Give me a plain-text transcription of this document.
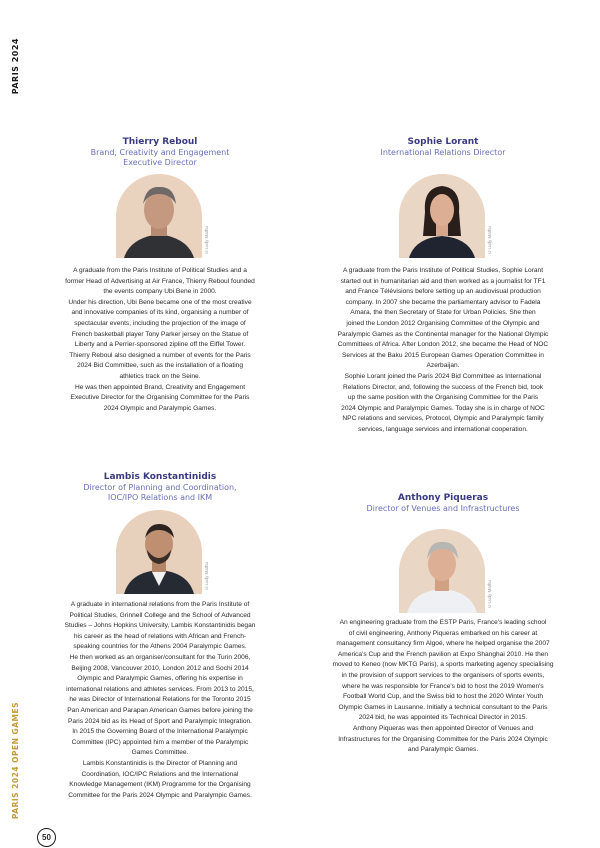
PARIS 2024
PARIS 2024 OPEN GAMES
50

Thierry Reboul

Brand, Creativity and Engagement

Executive Director

©Ludy Mathu

A graduate from the Paris Institute of Political Studies and a
former Head of Advertising at Air France, Thierry Reboul founded
the events company Ubi Bene in 2000.
Under his direction, Ubi Bene became one of the most creative
and innovative companies of its kind, organising a number of
spectacular events, including the projection of the image of
French basketball player Tony Parker jersey on the Statue of
Liberty and a Perrier-sponsored zipline off the Eiffel Tower.
Thierry Reboul also designed a number of events for the Paris
2024 Bid Committee, such as the installation of a floating
athletics track on the Seine.
He was then appointed Brand, Creativity and Engagement
Executive Director for the Organising Committee for the Paris
2024 Olympic and Paralympic Games.

Sophie Lorant

International Relations Director

©Ludy Mathu

A graduate from the Paris Institute of Political Studies, Sophie Lorant
started out in humanitarian aid and then worked as a journalist for TF1
and France Télévisions before setting up an audiovisual production
company. In 2007 she became the parliamentary advisor to Fadela
Amara, the then Secretary of State for Urban Policies. She then
joined the London 2012 Organising Committee of the Olympic and
Paralympic Games as the Continental manager for the National Olympic
Committees of Africa. After London 2012, she became the Head of NOC
Services at the Baku 2015 European Games Operation Committee in
Azerbaijan.
Sophie Lorant joined the Paris 2024 Bid Committee as International
Relations Director, and, following the success of the French bid, took
up the same position with the Organising Committee for the Paris
2024 Olympic and Paralympic Games. Today she is in charge of NOC
NPC relations and services, Protocol, Olympic and Paralympic family
services, language services and international cooperation.

Lambis Konstantinidis

Director of Planning and Coordination,

IOC/IPO Relations and IKM

©Ludy Mathu

A graduate in international relations from the Paris Institute of
Political Studies, Grinnell College and the School of Advanced
Studies – Johns Hopkins University, Lambis Konstantinidis began
his career as the head of relations with African and French-
speaking countries for the Athens 2004 Paralympic Games.
He then worked as an organiser/consultant for the Turin 2006,
Beijing 2008, Vancouver 2010, London 2012 and Sochi 2014
Olympic and Paralympic Games, offering his expertise in
international relations and athletes services. From 2013 to 2015,
he was Director of International Relations for the Toronto 2015
Pan American and Parapan American Games before joining the
Paris 2024 bid as its Head of Sport and Paralympic Integration.
In 2015 the Governing Board of the International Paralympic
Committee (IPC) appointed him a member of the Paralympic
Games Committee.
Lambis Konstantinidis is the Director of Planning and
Coordination, IOC/IPC Relations and the International
Knowledge Management (IKM) Programme for the Organising
Committee for the Paris 2024 Olympic and Paralympic Games.

Anthony Piqueras

Director of Venues and Infrastructures

©Ludy Mathu

An engineering graduate from the ESTP Paris, France's leading school
of civil engineering, Anthony Piqueras embarked on his career at
management consultancy firm Algoé, where he helped organise the 2007
America's Cup and the French pavilion at Expo Shanghai 2010. He then
moved to Keneo (now MKTG Paris), a sports marketing agency specialising
in the provision of support services to the organisers of sports events,
where he was responsible for France's bid to host the 2019 Women's
Football World Cup, and the Swiss bid to host the 2020 Winter Youth
Olympic Games in Lausanne. Initially a technical consultant to the Paris
2024 bid, he was appointed its Technical Director in 2015.
Anthony Piqueras was then appointed Director of Venues and
Infrastructures for the Organising Committee for the Paris 2024 Olympic
and Paralympic Games.
